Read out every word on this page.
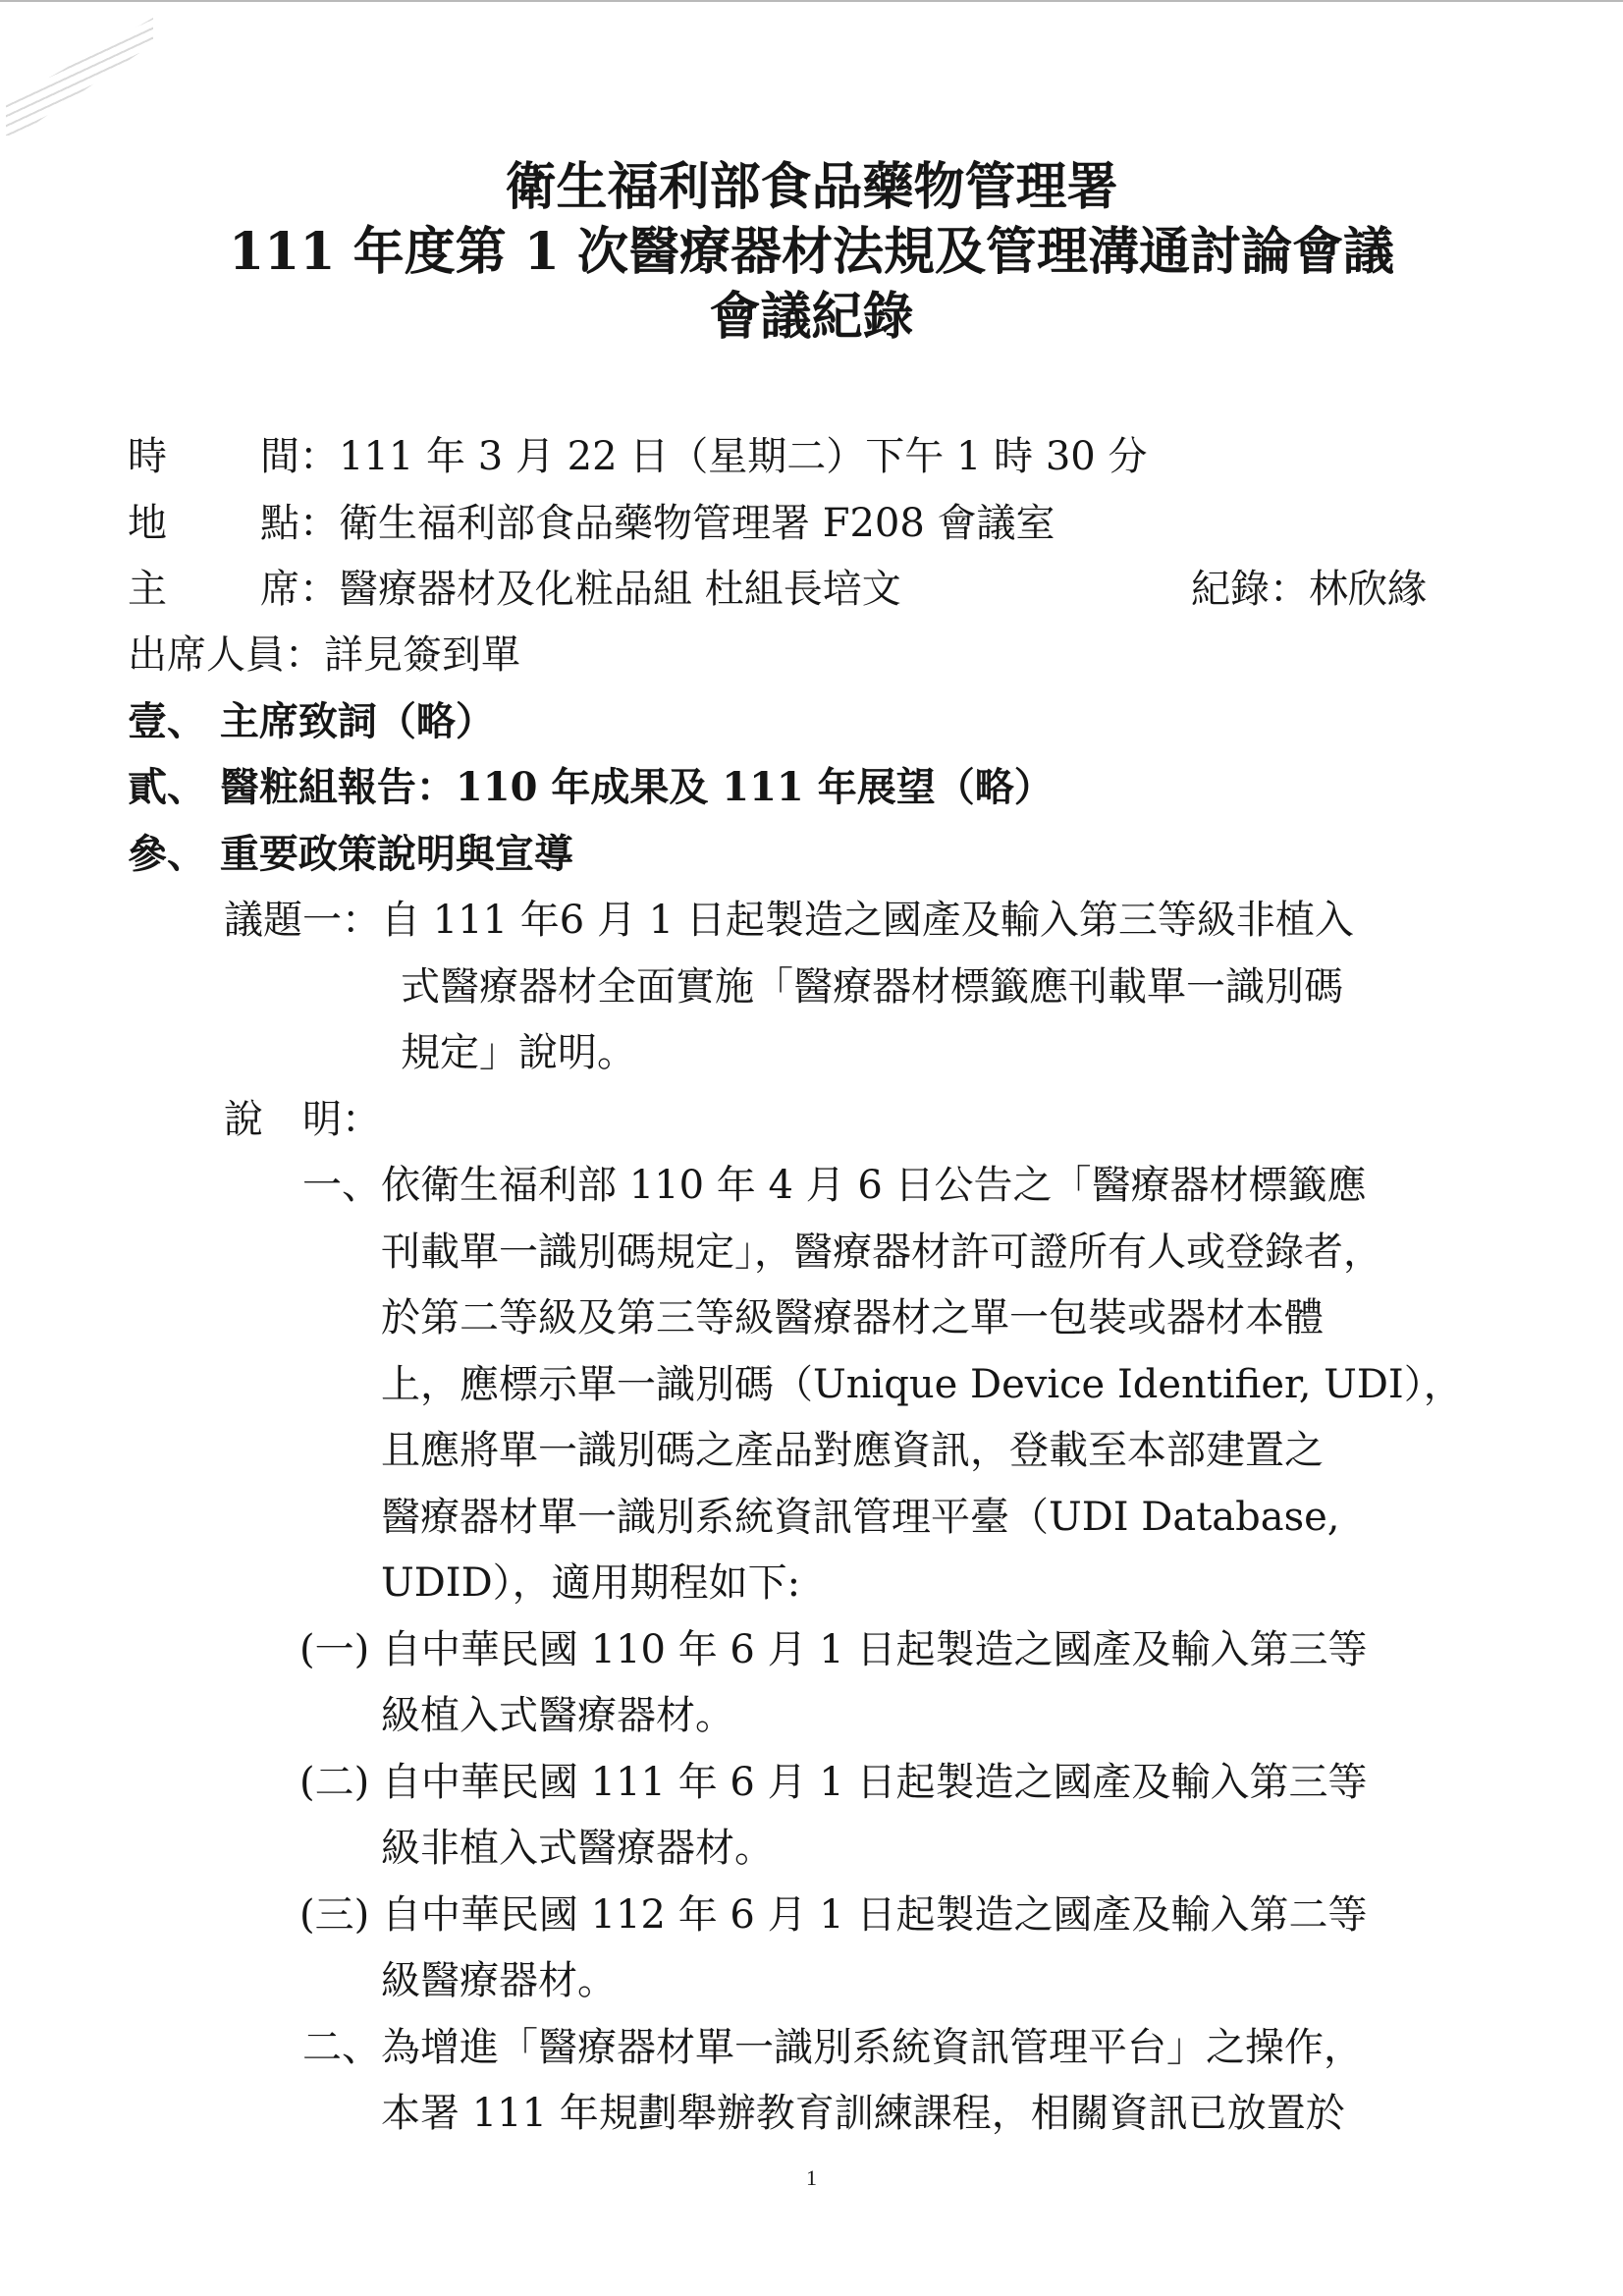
衛生福利部食品藥物管理署
111 年度第 1 次醫療器材法規及管理溝通討論會議
會議紀錄
時 間：111 年 3 月 22 日（星期二）下午 1 時 30 分
地 點：衛生福利部食品藥物管理署 F208 會議室
主 席：醫療器材及化粧品組 杜組長培文	紀錄：林欣緣
出席人員：詳見簽到單
壹、 主席致詞（略）
貳、 醫粧組報告：110 年成果及 111 年展望（略）
參、 重要政策說明與宣導
議題一：自 111 年6 月 1 日起製造之國產及輸入第三等級非植入
式醫療器材全面實施「醫療器材標籤應刊載單一識別碼
規定」說明。
說　明：
一、依衛生福利部 110 年 4 月 6 日公告之「醫療器材標籤應
刊載單一識別碼規定」，醫療器材許可證所有人或登錄者，
於第二等級及第三等級醫療器材之單一包裝或器材本體
上，應標示單一識別碼（Unique Device Identifier, UDI），
且應將單一識別碼之產品對應資訊，登載至本部建置之
醫療器材單一識別系統資訊管理平臺（UDI Database,
UDID），適用期程如下:
(一) 自中華民國 110 年 6 月 1 日起製造之國產及輸入第三等
級植入式醫療器材。
(二) 自中華民國 111 年 6 月 1 日起製造之國產及輸入第三等
級非植入式醫療器材。
(三) 自中華民國 112 年 6 月 1 日起製造之國產及輸入第二等
級醫療器材。
二、為增進「醫療器材單一識別系統資訊管理平台」之操作，
本署 111 年規劃舉辦教育訓練課程，相關資訊已放置於
1
